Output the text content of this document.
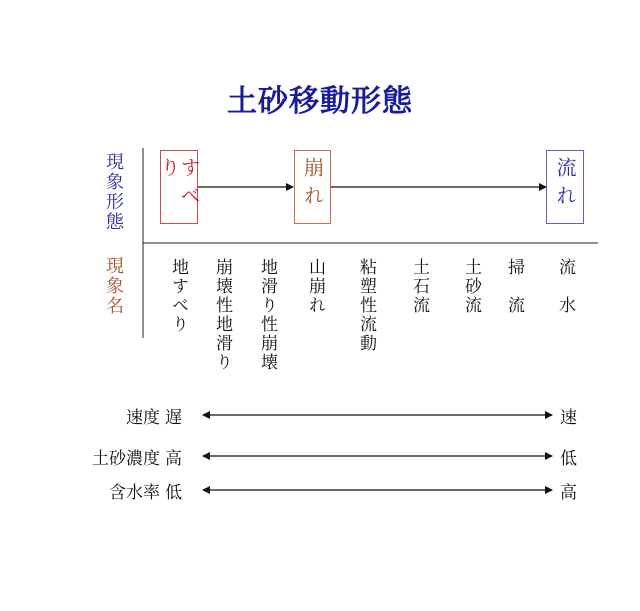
土砂移動形態
現象形態
現象名
すべり	崩れ	流れ
地すべり 崩壊性地滑り 地滑り性崩壊 山崩れ 粘塑性流動 土石流 土砂流 掃　流 流　水
速度 遅	速
土砂濃度 高	低
含水率 低	高
